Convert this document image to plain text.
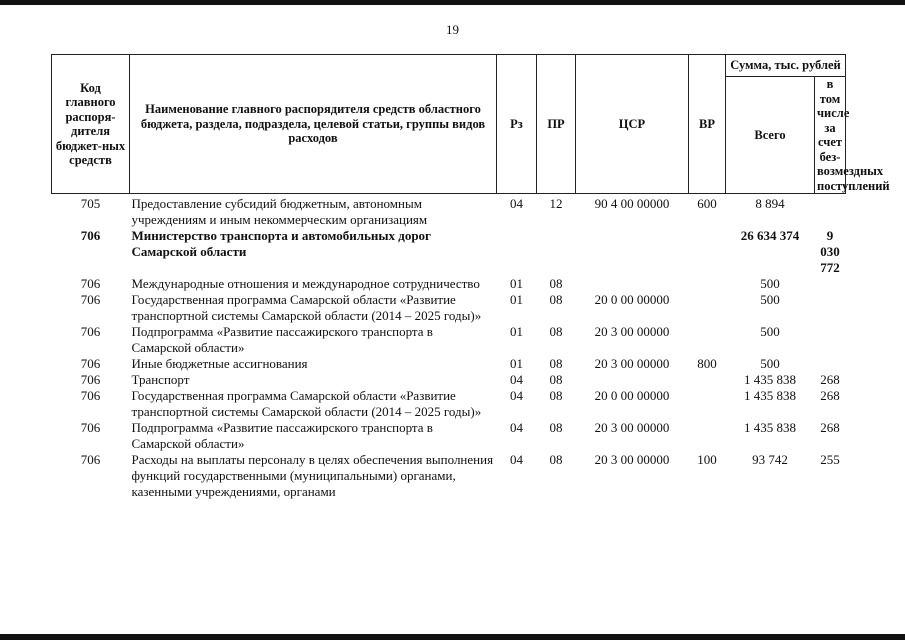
19
Код главного распоря-дителя бюджет-ных средств	Наименование главного распорядителя средств областного бюджета, раздела, подраздела, целевой статьи, группы видов расходов	Рз	ПР	ЦСР	ВР	Сумма, тыс. рублей	
						Всего	в том числе за счет без-возмездных поступлений
705	Предоставление субсидий бюджетным, автономным учреждениям и иным некоммерческим организациям	04	12	90 4 00 00000	600	8 894	
706	Министерство транспорта и автомобильных дорог Самарской области					26 634 374	9 030 772
706	Международные отношения и международное сотрудничество	01	08			500	
706	Государственная программа Самарской области «Развитие транспортной системы Самарской области (2014 – 2025 годы)»	01	08	20 0 00 00000		500	
706	Подпрограмма «Развитие пассажирского транспорта в Самарской области»	01	08	20 3 00 00000		500	
706	Иные бюджетные ассигнования	01	08	20 3 00 00000	800	500	
706	Транспорт	04	08			1 435 838	268
706	Государственная программа Самарской области «Развитие транспортной системы Самарской области (2014 – 2025 годы)»	04	08	20 0 00 00000		1 435 838	268
706	Подпрограмма «Развитие пассажирского транспорта в Самарской области»	04	08	20 3 00 00000		1 435 838	268
706	Расходы на выплаты персоналу в целях обеспечения выполнения функций государственными (муниципальными) органами, казенными учреждениями, органами	04	08	20 3 00 00000	100	93 742	255
